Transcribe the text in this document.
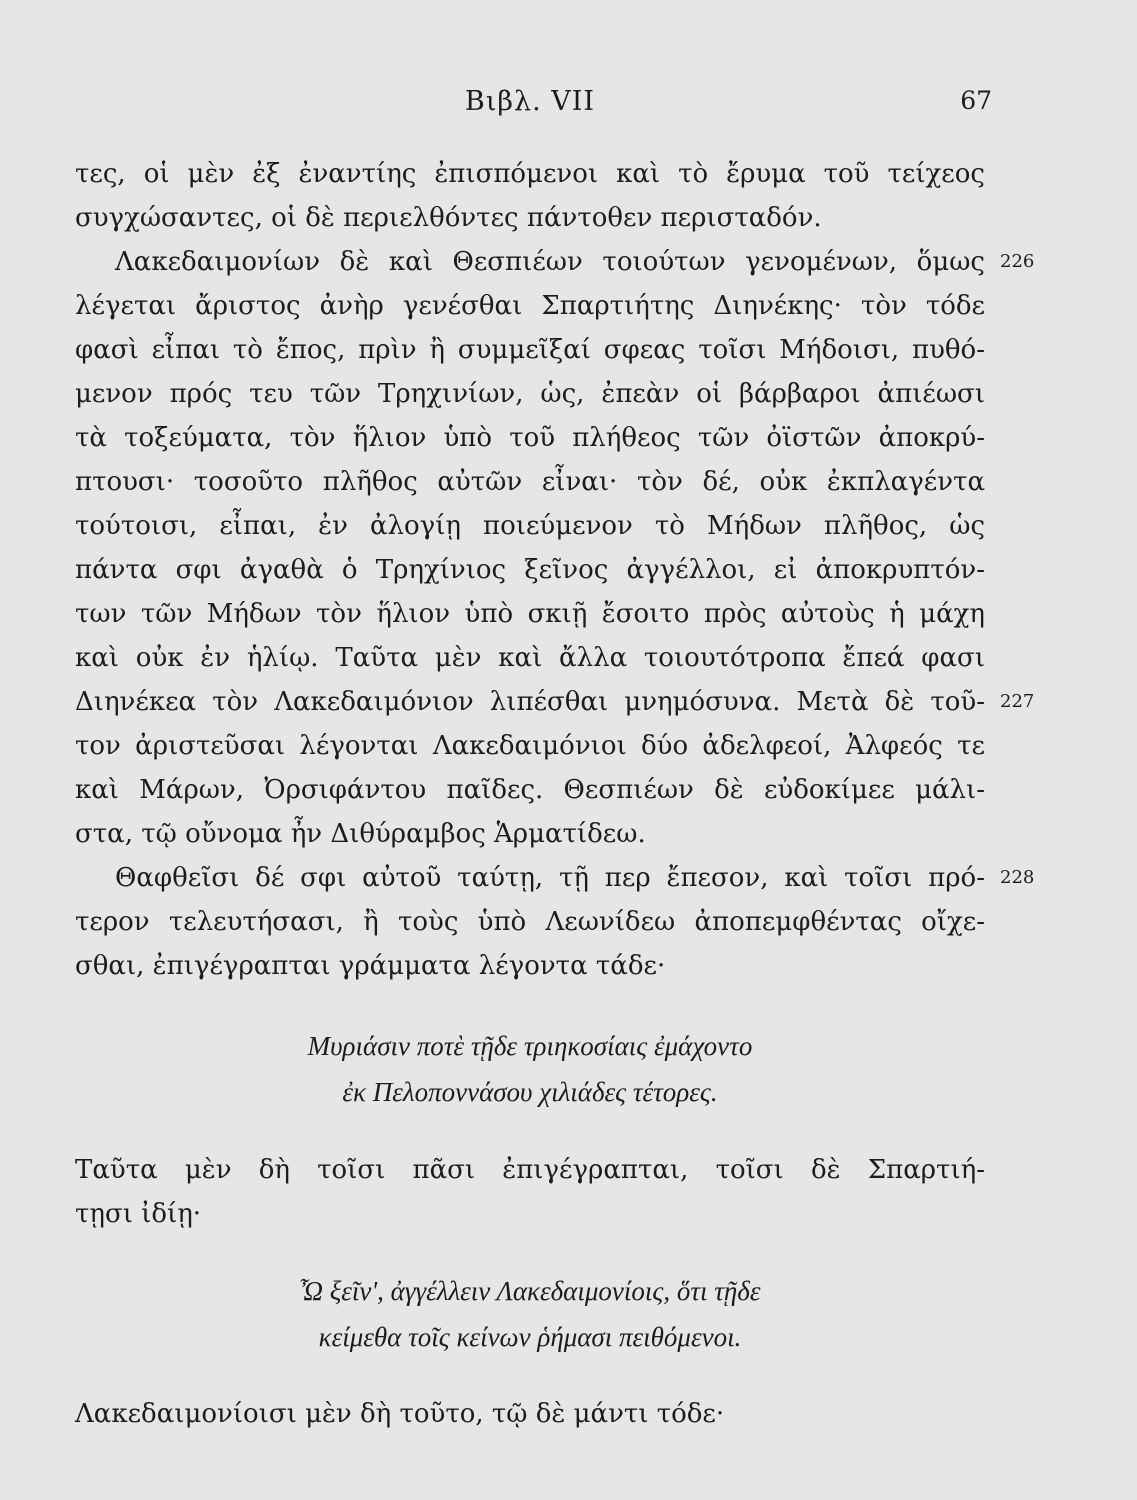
Βιβλ. VII	67
τες, οἱ μὲν ἐξ ἐναντίης ἐπισπόμενοι καὶ τὸ ἔρυμα τοῦ τείχεος
συγχώσαντες, οἱ δὲ περιελθόντες πάντοθεν περισταδόν.
Λακεδαιμονίων δὲ καὶ Θεσπιέων τοιούτων γενομένων, ὅμως 226
λέγεται ἄριστος ἀνὴρ γενέσθαι Σπαρτιήτης Διηνέκης· τὸν τόδε
φασὶ εἶπαι τὸ ἔπος, πρὶν ἢ συμμεῖξαί σφεας τοῖσι Μήδοισι, πυθό-
μενον πρός τευ τῶν Τρηχινίων, ὡς, ἐπεὰν οἱ βάρβαροι ἀπιέωσι
τὰ τοξεύματα, τὸν ἥλιον ὑπὸ τοῦ πλήθεος τῶν ὀϊστῶν ἀποκρύ-
πτουσι· τοσοῦτο πλῆθος αὐτῶν εἶναι· τὸν δέ, οὐκ ἐκπλαγέντα
τούτοισι, εἶπαι, ἐν ἀλογίῃ ποιεύμενον τὸ Μήδων πλῆθος, ὡς
πάντα σφι ἀγαθὰ ὁ Τρηχίνιος ξεῖνος ἀγγέλλοι, εἰ ἀποκρυπτόν-
των τῶν Μήδων τὸν ἥλιον ὑπὸ σκιῇ ἔσοιτο πρὸς αὐτοὺς ἡ μάχη
καὶ οὐκ ἐν ἡλίῳ. Ταῦτα μὲν καὶ ἄλλα τοιουτότροπα ἔπεά φασι
Διηνέκεα τὸν Λακεδαιμόνιον λιπέσθαι μνημόσυνα. Μετὰ δὲ τοῦ- 227
τον ἀριστεῦσαι λέγονται Λακεδαιμόνιοι δύο ἀδελφεοί, Ἀλφεός τε
καὶ Μάρων, Ὀρσιφάντου παῖδες. Θεσπιέων δὲ εὐδοκίμεε μάλι-
στα, τῷ οὔνομα ἦν Διθύραμβος Ἁρματίδεω.
Θαφθεῖσι δέ σφι αὐτοῦ ταύτῃ, τῇ περ ἔπεσον, καὶ τοῖσι πρό- 228
τερον τελευτήσασι, ἢ τοὺς ὑπὸ Λεωνίδεω ἀποπεμφθέντας οἴχε-
σθαι, ἐπιγέγραπται γράμματα λέγοντα τάδε·
Μυριάσιν ποτὲ τῇδε τριηκοσίαις ἐμάχοντο
ἐκ Πελοποννάσου χιλιάδες τέτορες.
Ταῦτα μὲν δὴ τοῖσι πᾶσι ἐπιγέγραπται, τοῖσι δὲ Σπαρτιή-
τῃσι ἰδίῃ·
Ὦ ξεῖν', ἀγγέλλειν Λακεδαιμονίοις, ὅτι τῇδε
κείμεθα τοῖς κείνων ῥήμασι πειθόμενοι.
Λακεδαιμονίοισι μὲν δὴ τοῦτο, τῷ δὲ μάντι τόδε·
